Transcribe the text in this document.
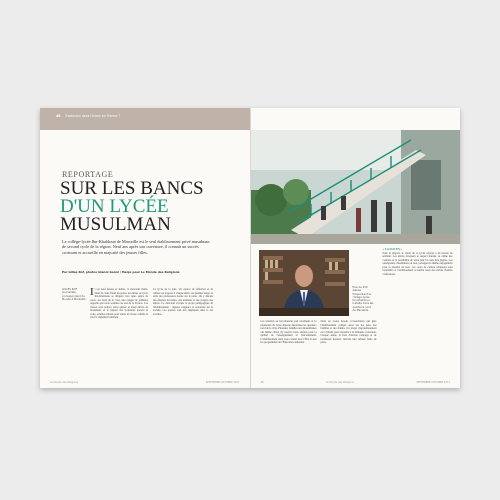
48 Explosion dans l'Islam en France ?
REPORTAGE
SUR LES BANCS
D'UN LYCÉE
MUSULMAN
Le collège-lycée Ibn-Khaldoun de Marseille est le seul établissement privé musulman de second cycle de la région. Neuf ans après son ouverture, il connaît un succès croissant et accueille en majorité des jeunes filles.
Par Gilles Rof, photos Gianni Ganni / Hanjo pour Le Monde des Religions
GILLES ROF Journaliste, correspondant du Monde à Marseille
I l est neuf heures et demie, ce mercredi matin. Dans le cadre fleuri du préau, les élèves de lycée Ibn-Khaldoun se dirigent vers leurs salles de cours. Au fond de la cour, une rangée de palmiers rappelle que nous sommes au sud de la France. Les classes sont petites, entre quinze et vingt élèves au maximum, et la plupart des lycéennes portent le voile, qu'elles retirent pour entrer en classe comme le veut le règlement intérieur.
Ce lycée de la paix. Un espace de réflexion et de culture est proposé à chaque élève. Au premier étage, la salle des professeurs donne sur le patio. On y discute des emplois du temps, des examens et des progrès des élèves. Le directeur évoque le projet pédagogique de l'établissement : rigueur, exigence et ouverture sur la société. Les parents sont très impliqués dans la vie scolaire.
Le Monde des Religions	SEPTEMBRE-OCTOBRE 2017
Plus de 250 élèves fréquentent le collège-lycée Ibn-Khaldoun, installé dans les quartiers nord de Marseille.
Les résultats au baccalauréat sont excellents et la réputation du lycée dépasse désormais les quartiers nord de la ville. Plusieurs familles non musulmanes ont même choisi d'y inscrire leurs enfants pour la qualité de l'enseignement et l'encadrement. L'établissement reste sous contrat avec l'État et suit les programmes de l'Éducation nationale.
Nous en avons besoin. L'association qui gère l'établissement compte aussi sur les dons des familles et des fidèles. Un projet d'agrandissement est à l'étude pour répondre à la demande croissante. Chaque année, la liste d'attente s'allonge et de nombreux dossiers doivent être refusés faute de place.
« LA FOI EN »
Pour la plupart, le choix de ce lycée répond à un besoin de sérénité. Les élèves évoquent le respect mutuel, le calme des couloirs et la possibilité de vivre leur foi sans être jugées. Les enseignants, musulmans ou non, partagent le même engagement pour la réussite de tous. Les cours de culture religieuse sont facultatifs et l'établissement accueille aussi des élèves d'autres confessions.
48	Le Monde des Religions	SEPTEMBRE-OCTOBRE 2017
